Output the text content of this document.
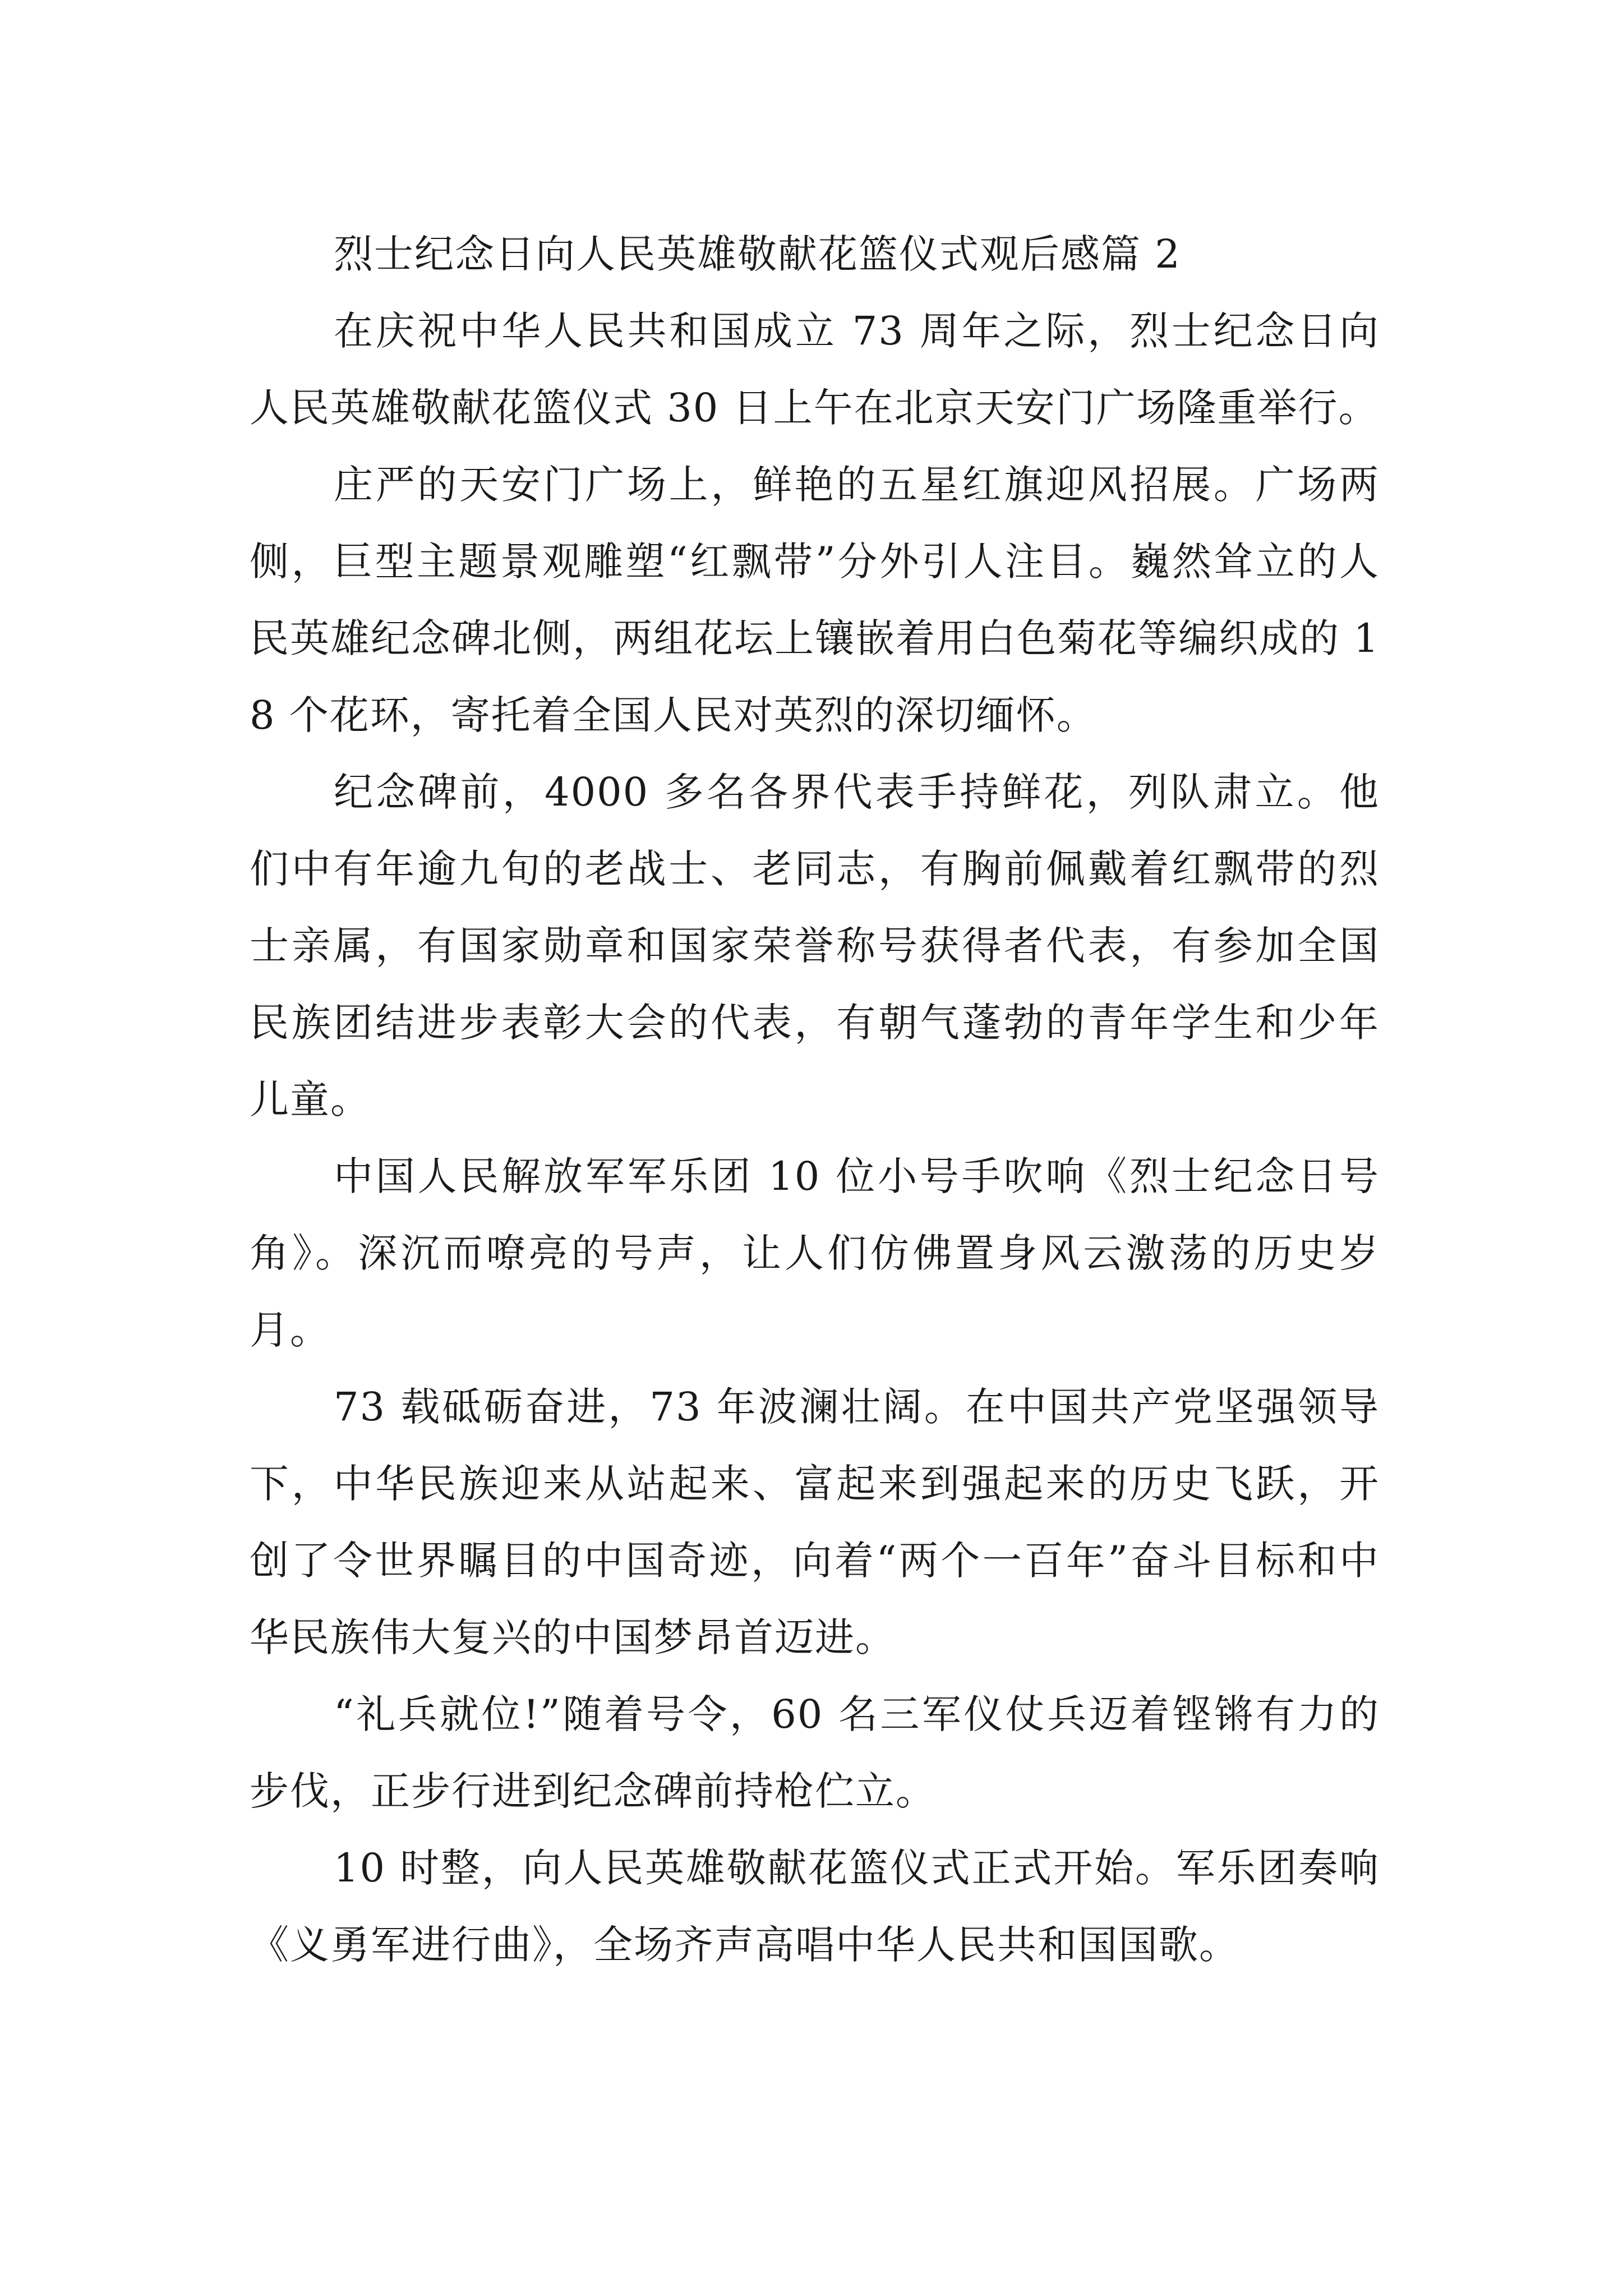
烈士纪念日向人民英雄敬献花篮仪式观后感篇 2

在庆祝中华人民共和国成立 73 周年之际，烈士纪念日向人民英雄敬献花篮仪式 30 日上午在北京天安门广场隆重举行。

庄严的天安门广场上，鲜艳的五星红旗迎风招展。广场两侧，巨型主题景观雕塑“红飘带”分外引人注目。巍然耸立的人民英雄纪念碑北侧，两组花坛上镶嵌着用白色菊花等编织成的 18 个花环，寄托着全国人民对英烈的深切缅怀。

纪念碑前，4000 多名各界代表手持鲜花，列队肃立。他们中有年逾九旬的老战士、老同志，有胸前佩戴着红飘带的烈士亲属，有国家勋章和国家荣誉称号获得者代表，有参加全国民族团结进步表彰大会的代表，有朝气蓬勃的青年学生和少年儿童。

中国人民解放军军乐团 10 位小号手吹响《烈士纪念日号角》。深沉而嘹亮的号声，让人们仿佛置身风云激荡的历史岁月。

73 载砥砺奋进，73 年波澜壮阔。在中国共产党坚强领导下，中华民族迎来从站起来、富起来到强起来的历史飞跃，开创了令世界瞩目的中国奇迹，向着“两个一百年”奋斗目标和中华民族伟大复兴的中国梦昂首迈进。

“礼兵就位!”随着号令，60 名三军仪仗兵迈着铿锵有力的步伐，正步行进到纪念碑前持枪伫立。

10 时整，向人民英雄敬献花篮仪式正式开始。军乐团奏响《义勇军进行曲》，全场齐声高唱中华人民共和国国歌。
